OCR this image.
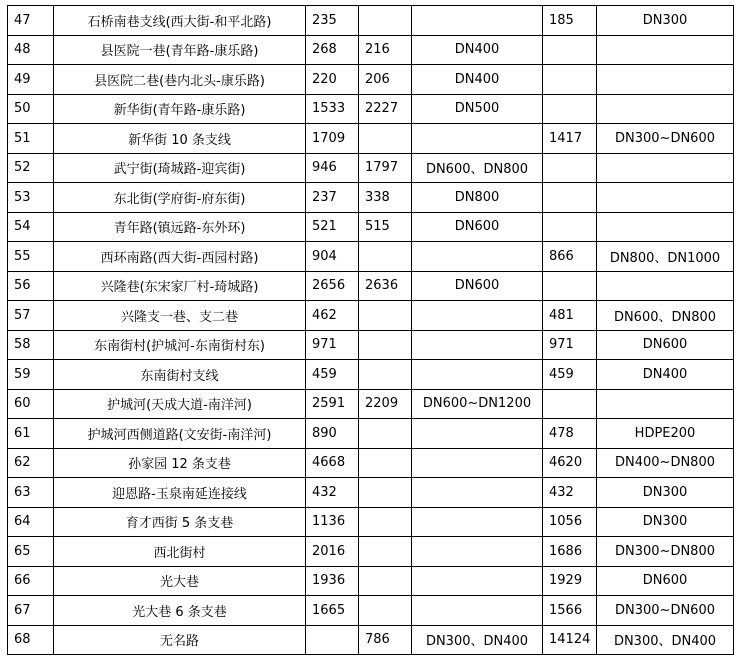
47	石桥南巷支线(西大街-和平北路)	235			185	DN300
48	县医院一巷(青年路-康乐路)	268	216	DN400		
49	县医院二巷(巷内北头-康乐路)	220	206	DN400		
50	新华街(青年路-康乐路)	1533	2227	DN500		
51	新华街 10 条支线	1709			1417	DN300~DN600
52	武宁街(琦城路-迎宾街)	946	1797	DN600、DN800		
53	东北街(学府街-府东街)	237	338	DN800		
54	青年路(镇远路-东外环)	521	515	DN600		
55	西环南路(西大街-西园村路)	904			866	DN800、DN1000
56	兴隆巷(东宋家厂村-琦城路)	2656	2636	DN600		
57	兴隆支一巷、支二巷	462			481	DN600、DN800
58	东南街村(护城河-东南街村东)	971			971	DN600
59	东南街村支线	459			459	DN400
60	护城河(天成大道-南洋河)	2591	2209	DN600~DN1200		
61	护城河西侧道路(文安街-南洋河)	890			478	HDPE200
62	孙家园 12 条支巷	4668			4620	DN400~DN800
63	迎恩路-玉泉南延连接线	432			432	DN300
64	育才西街 5 条支巷	1136			1056	DN300
65	西北街村	2016			1686	DN300~DN800
66	光大巷	1936			1929	DN600
67	光大巷 6 条支巷	1665			1566	DN300~DN600
68	无名路		786	DN300、DN400	14124	DN300、DN400
